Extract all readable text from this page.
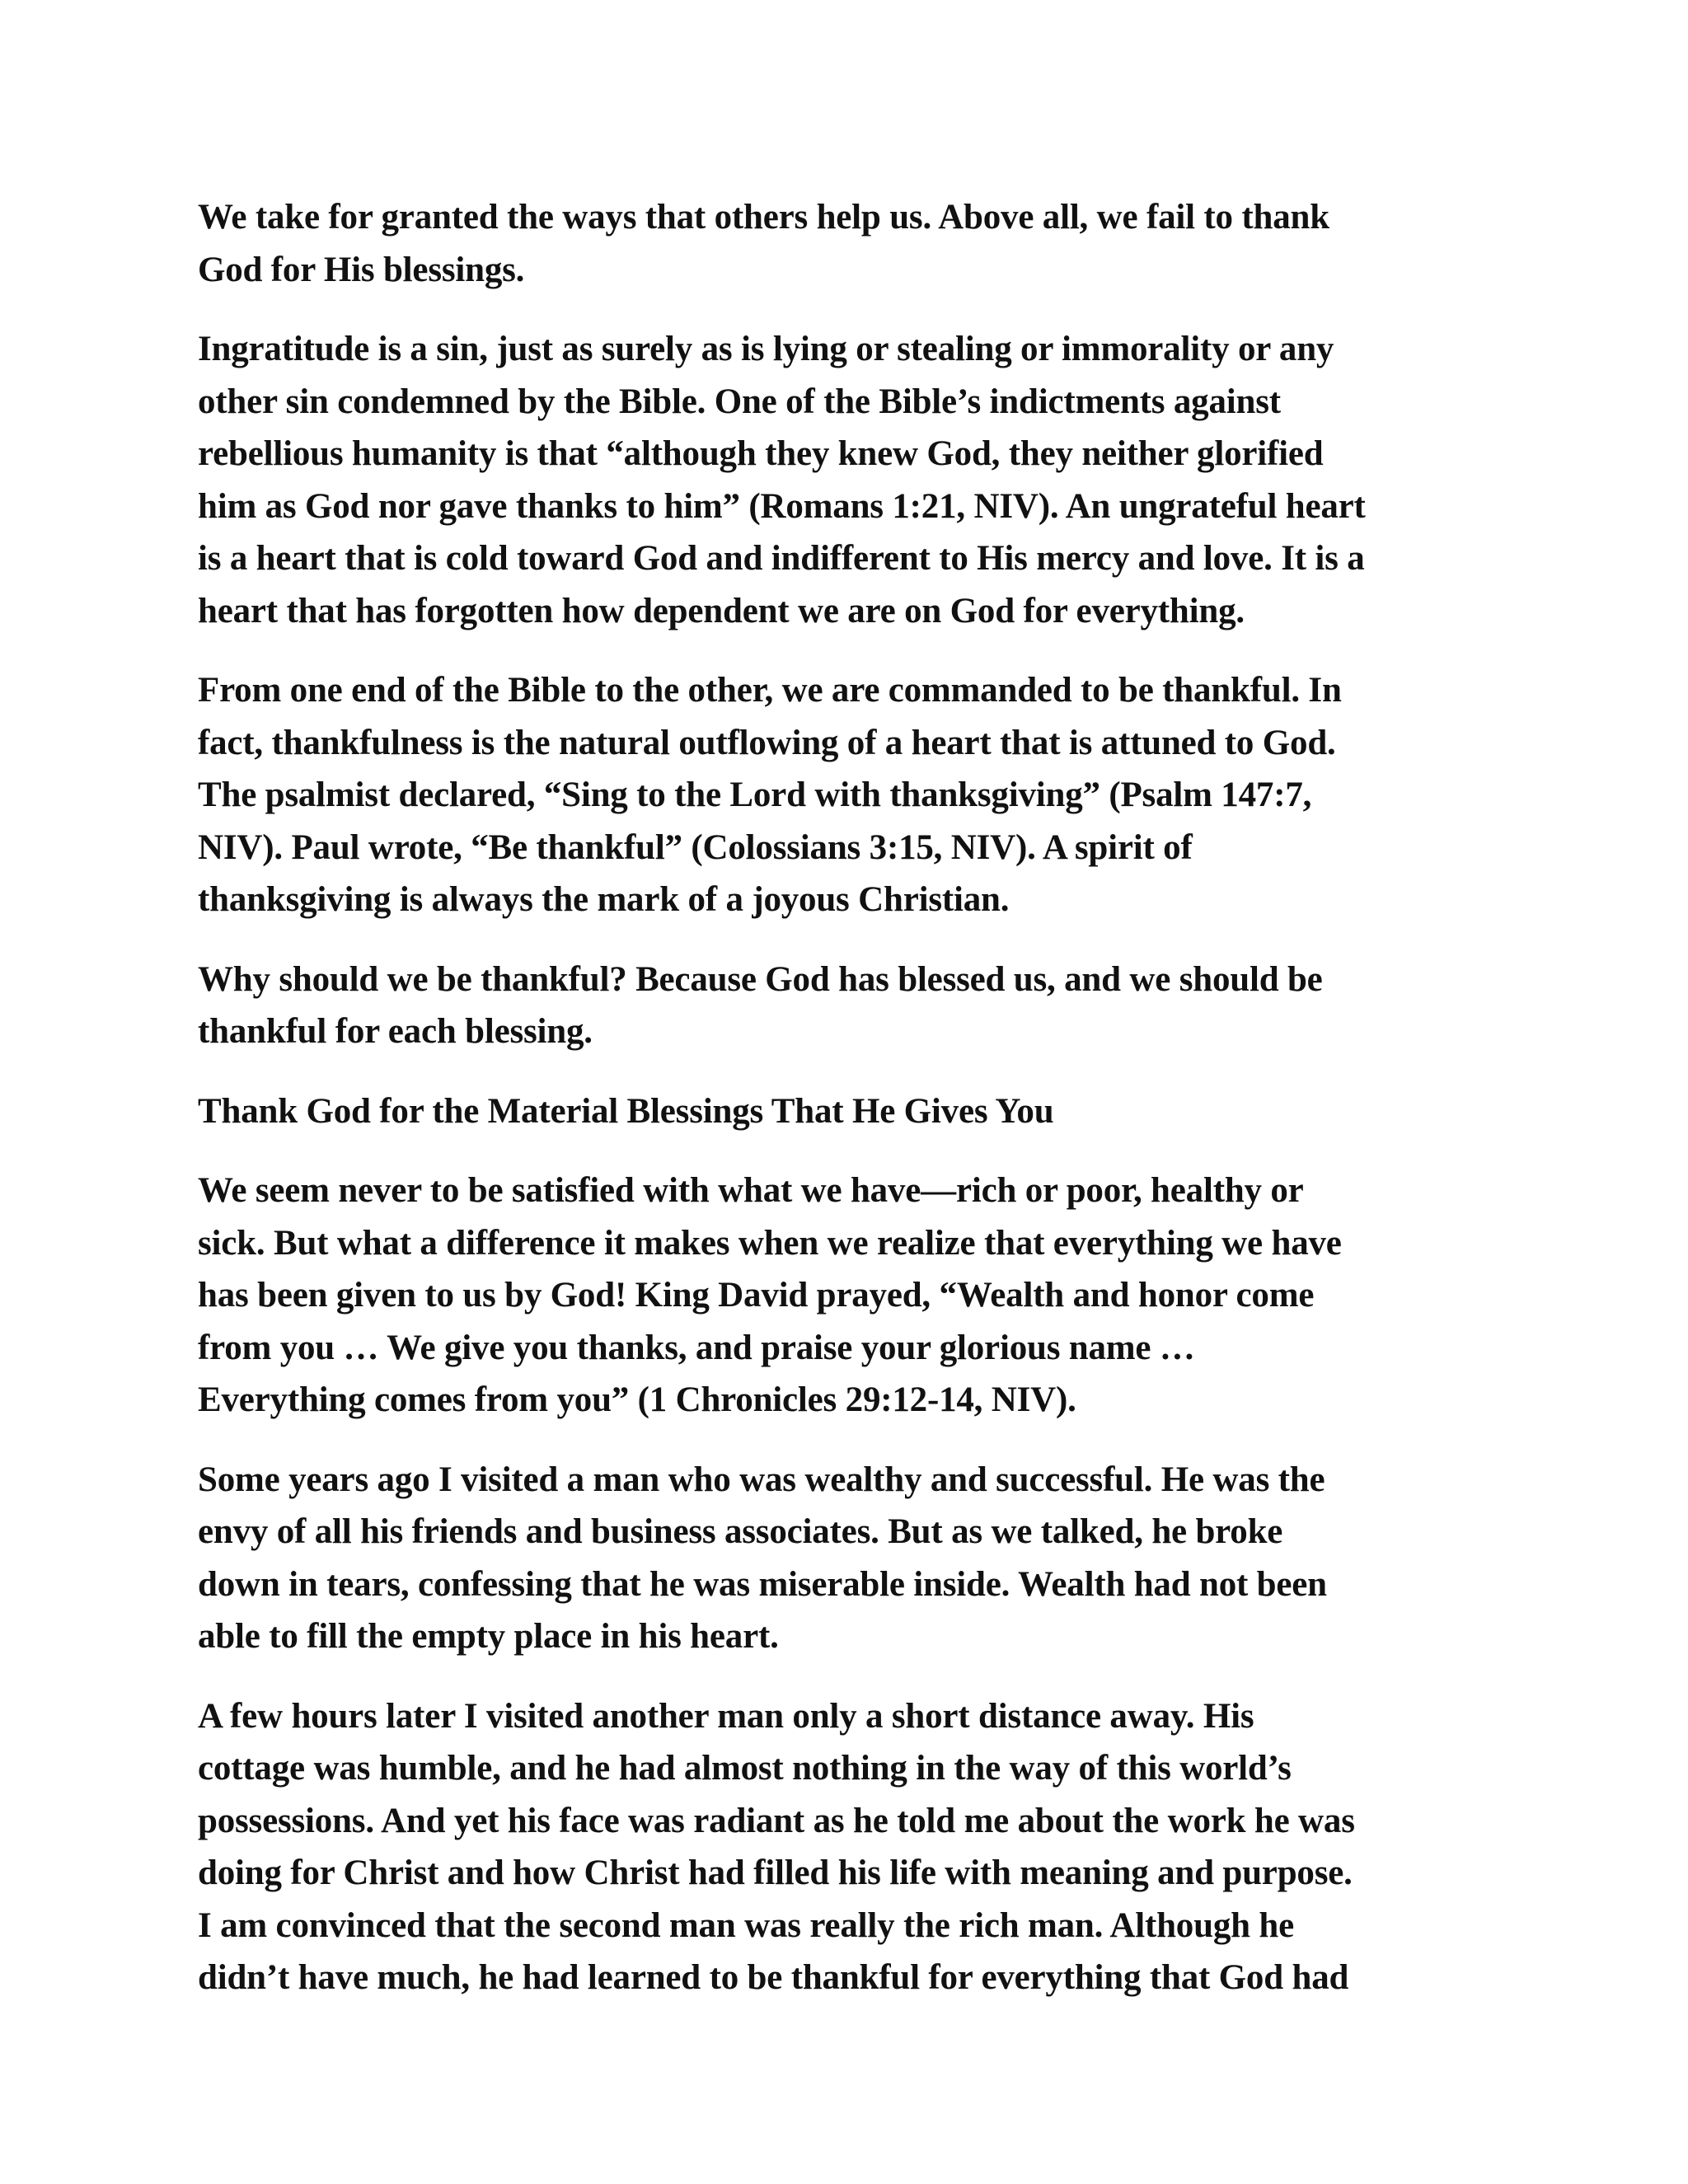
We take for granted the ways that others help us. Above all, we fail to thank
God for His blessings.

Ingratitude is a sin, just as surely as is lying or stealing or immorality or any
other sin condemned by the Bible. One of the Bible’s indictments against
rebellious humanity is that “although they knew God, they neither glorified
him as God nor gave thanks to him” (Romans 1:21, NIV). An ungrateful heart
is a heart that is cold toward God and indifferent to His mercy and love. It is a
heart that has forgotten how dependent we are on God for everything.

From one end of the Bible to the other, we are commanded to be thankful. In
fact, thankfulness is the natural outflowing of a heart that is attuned to God.
The psalmist declared, “Sing to the Lord with thanksgiving” (Psalm 147:7,
NIV). Paul wrote, “Be thankful” (Colossians 3:15, NIV). A spirit of
thanksgiving is always the mark of a joyous Christian.

Why should we be thankful? Because God has blessed us, and we should be
thankful for each blessing.

Thank God for the Material Blessings That He Gives You

We seem never to be satisfied with what we have—rich or poor, healthy or
sick. But what a difference it makes when we realize that everything we have
has been given to us by God! King David prayed, “Wealth and honor come
from you … We give you thanks, and praise your glorious name …
Everything comes from you” (1 Chronicles 29:12-14, NIV).

Some years ago I visited a man who was wealthy and successful. He was the
envy of all his friends and business associates. But as we talked, he broke
down in tears, confessing that he was miserable inside. Wealth had not been
able to fill the empty place in his heart.

A few hours later I visited another man only a short distance away. His
cottage was humble, and he had almost nothing in the way of this world’s
possessions. And yet his face was radiant as he told me about the work he was
doing for Christ and how Christ had filled his life with meaning and purpose.
I am convinced that the second man was really the rich man. Although he
didn’t have much, he had learned to be thankful for everything that God had
